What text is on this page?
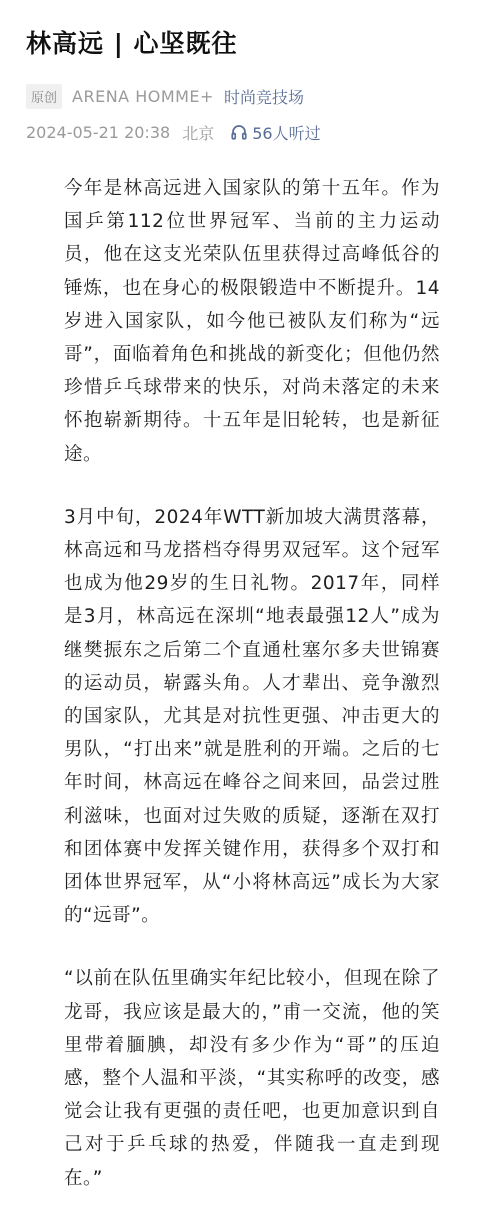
林高远 | 心坚既往
原创 ARENA HOMME+ 时尚竞技场
2024-05-21 20:38 北京 56人听过

今年是林高远进入国家队的第十五年。作为国乒第112位世界冠军、当前的主力运动员，他在这支光荣队伍里获得过高峰低谷的锤炼，也在身心的极限锻造中不断提升。14岁进入国家队，如今他已被队友们称为“远哥”，面临着角色和挑战的新变化；但他仍然珍惜乒乓球带来的快乐，对尚未落定的未来怀抱崭新期待。十五年是旧轮转，也是新征途。

3月中旬，2024年WTT新加坡大满贯落幕，林高远和马龙搭档夺得男双冠军。这个冠军也成为他29岁的生日礼物。2017年，同样是3月，林高远在深圳“地表最强12人”成为继樊振东之后第二个直通杜塞尔多夫世锦赛的运动员，崭露头角。人才辈出、竞争激烈的国家队，尤其是对抗性更强、冲击更大的男队，“打出来”就是胜利的开端。之后的七年时间，林高远在峰谷之间来回，品尝过胜利滋味，也面对过失败的质疑，逐渐在双打和团体赛中发挥关键作用，获得多个双打和团体世界冠军，从“小将林高远”成长为大家的“远哥”。

“以前在队伍里确实年纪比较小，但现在除了龙哥，我应该是最大的，”甫一交流，他的笑里带着腼腆，却没有多少作为“哥”的压迫感，整个人温和平淡，“其实称呼的改变，感觉会让我有更强的责任吧，也更加意识到自己对于乒乓球的热爱，伴随我一直走到现在。”
